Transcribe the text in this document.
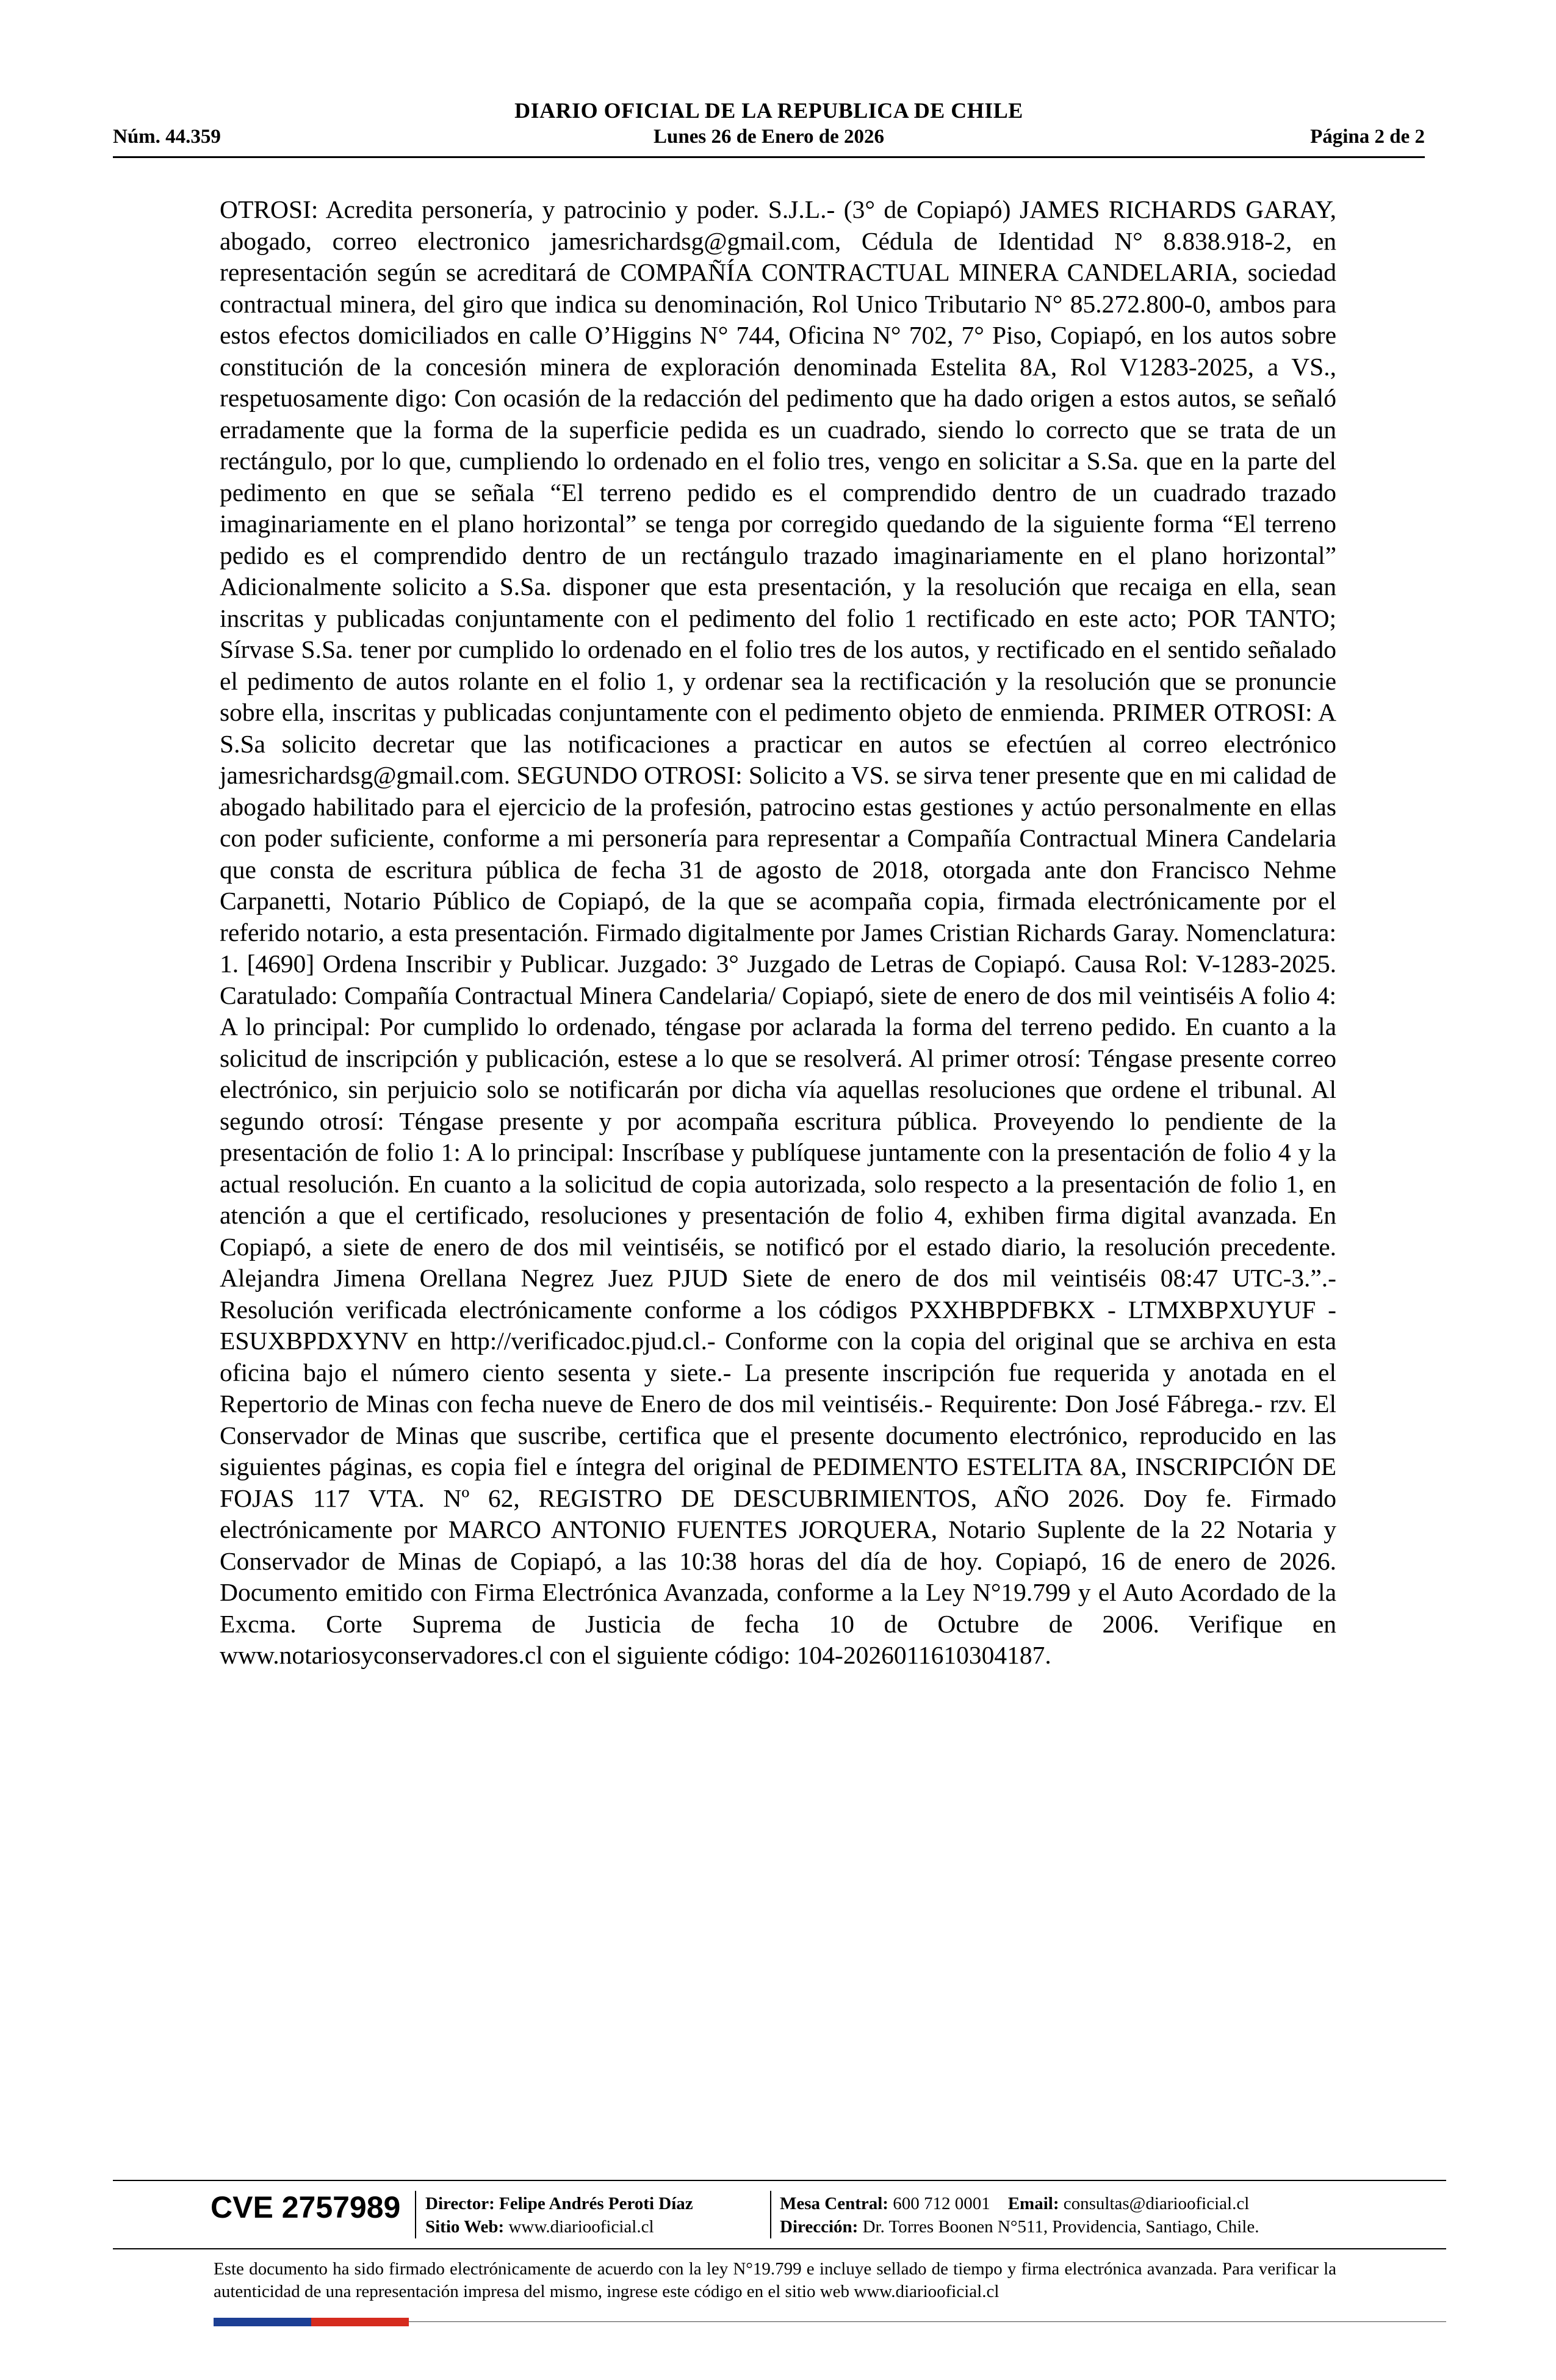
DIARIO OFICIAL DE LA REPUBLICA DE CHILE
Núm. 44.359	Lunes 26 de Enero de 2026	Página 2 de 2
OTROSI: Acredita personería, y patrocinio y poder. S.J.L.- (3° de Copiapó) JAMES RICHARDS GARAY, abogado, correo electronico jamesrichardsg@gmail.com, Cédula de Identidad N° 8.838.918-2, en representación según se acreditará de COMPAÑÍA CONTRACTUAL MINERA CANDELARIA, sociedad contractual minera, del giro que indica su denominación, Rol Unico Tributario N° 85.272.800-0, ambos para estos efectos domiciliados en calle O’Higgins N° 744, Oficina N° 702, 7° Piso, Copiapó, en los autos sobre constitución de la concesión minera de exploración denominada Estelita 8A, Rol V1283-2025, a VS., respetuosamente digo: Con ocasión de la redacción del pedimento que ha dado origen a estos autos, se señaló erradamente que la forma de la superficie pedida es un cuadrado, siendo lo correcto que se trata de un rectángulo, por lo que, cumpliendo lo ordenado en el folio tres, vengo en solicitar a S.Sa. que en la parte del pedimento en que se señala “El terreno pedido es el comprendido dentro de un cuadrado trazado imaginariamente en el plano horizontal” se tenga por corregido quedando de la siguiente forma “El terreno pedido es el comprendido dentro de un rectángulo trazado imaginariamente en el plano horizontal” Adicionalmente solicito a S.Sa. disponer que esta presentación, y la resolución que recaiga en ella, sean inscritas y publicadas conjuntamente con el pedimento del folio 1 rectificado en este acto; POR TANTO; Sírvase S.Sa. tener por cumplido lo ordenado en el folio tres de los autos, y rectificado en el sentido señalado el pedimento de autos rolante en el folio 1, y ordenar sea la rectificación y la resolución que se pronuncie sobre ella, inscritas y publicadas conjuntamente con el pedimento objeto de enmienda. PRIMER OTROSI: A S.Sa solicito decretar que las notificaciones a practicar en autos se efectúen al correo electrónico jamesrichardsg@gmail.com. SEGUNDO OTROSI: Solicito a VS. se sirva tener presente que en mi calidad de abogado habilitado para el ejercicio de la profesión, patrocino estas gestiones y actúo personalmente en ellas con poder suficiente, conforme a mi personería para representar a Compañía Contractual Minera Candelaria que consta de escritura pública de fecha 31 de agosto de 2018, otorgada ante don Francisco Nehme Carpanetti, Notario Público de Copiapó, de la que se acompaña copia, firmada electrónicamente por el referido notario, a esta presentación. Firmado digitalmente por James Cristian Richards Garay. Nomenclatura: 1. [4690] Ordena Inscribir y Publicar. Juzgado: 3° Juzgado de Letras de Copiapó. Causa Rol: V-1283-2025. Caratulado: Compañía Contractual Minera Candelaria/ Copiapó, siete de enero de dos mil veintiséis A folio 4: A lo principal: Por cumplido lo ordenado, téngase por aclarada la forma del terreno pedido. En cuanto a la solicitud de inscripción y publicación, estese a lo que se resolverá. Al primer otrosí: Téngase presente correo electrónico, sin perjuicio solo se notificarán por dicha vía aquellas resoluciones que ordene el tribunal. Al segundo otrosí: Téngase presente y por acompaña escritura pública. Proveyendo lo pendiente de la presentación de folio 1: A lo principal: Inscríbase y publíquese juntamente con la presentación de folio 4 y la actual resolución. En cuanto a la solicitud de copia autorizada, solo respecto a la presentación de folio 1, en atención a que el certificado, resoluciones y presentación de folio 4, exhiben firma digital avanzada. En Copiapó, a siete de enero de dos mil veintiséis, se notificó por el estado diario, la resolución precedente. Alejandra Jimena Orellana Negrez Juez PJUD Siete de enero de dos mil veintiséis 08:47 UTC-3.”.- Resolución verificada electrónicamente conforme a los códigos PXXHBPDFBKX - LTMXBPXUYUF - ESUXBPDXYNV en http://verificadoc.pjud.cl.- Conforme con la copia del original que se archiva en esta oficina bajo el número ciento sesenta y siete.- La presente inscripción fue requerida y anotada en el Repertorio de Minas con fecha nueve de Enero de dos mil veintiséis.- Requirente: Don José Fábrega.- rzv. El Conservador de Minas que suscribe, certifica que el presente documento electrónico, reproducido en las siguientes páginas, es copia fiel e íntegra del original de PEDIMENTO ESTELITA 8A, INSCRIPCIÓN DE FOJAS 117 VTA. Nº 62, REGISTRO DE DESCUBRIMIENTOS, AÑO 2026. Doy fe. Firmado electrónicamente por MARCO ANTONIO FUENTES JORQUERA, Notario Suplente de la 22 Notaria y Conservador de Minas de Copiapó, a las 10:38 horas del día de hoy. Copiapó, 16 de enero de 2026. Documento emitido con Firma Electrónica Avanzada, conforme a la Ley N°19.799 y el Auto Acordado de la Excma. Corte Suprema de Justicia de fecha 10 de Octubre de 2006. Verifique en www.notariosyconservadores.cl con el siguiente código: 104-2026011610304187.
CVE 2757989 Director: Felipe Andrés Peroti Díaz
Sitio Web: www.diariooficial.cl
Mesa Central: 600 712 0001 Email: consultas@diariooficial.cl
Dirección: Dr. Torres Boonen N°511, Providencia, Santiago, Chile.
Este documento ha sido firmado electrónicamente de acuerdo con la ley N°19.799 e incluye sellado de tiempo y firma electrónica avanzada. Para verificar la autenticidad de una representación impresa del mismo, ingrese este código en el sitio web www.diariooficial.cl
